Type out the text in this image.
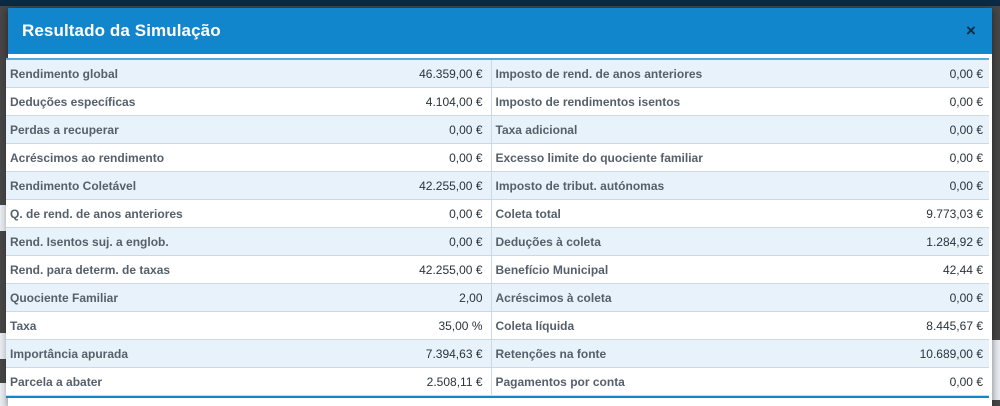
Resultado da Simulação	×
Rendimento global	46.359,00 €	Imposto de rend. de anos anteriores	0,00 €
Deduções específicas	4.104,00 €	Imposto de rendimentos isentos	0,00 €
Perdas a recuperar	0,00 €	Taxa adicional	0,00 €
Acréscimos ao rendimento	0,00 €	Excesso limite do quociente familiar	0,00 €
Rendimento Coletável	42.255,00 €	Imposto de tribut. autónomas	0,00 €
Q. de rend. de anos anteriores	0,00 €	Coleta total	9.773,03 €
Rend. Isentos suj. a englob.	0,00 €	Deduções à coleta	1.284,92 €
Rend. para determ. de taxas	42.255,00 €	Benefício Municipal	42,44 €
Quociente Familiar	2,00	Acréscimos à coleta	0,00 €
Taxa	35,00 %	Coleta líquida	8.445,67 €
Importância apurada	7.394,63 €	Retenções na fonte	10.689,00 €
Parcela a abater	2.508,11 €	Pagamentos por conta	0,00 €
